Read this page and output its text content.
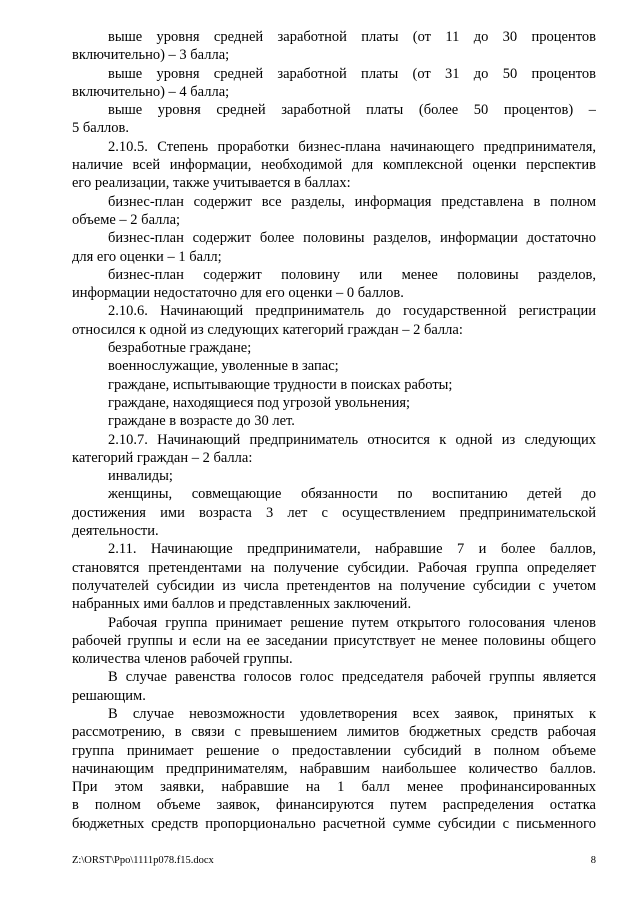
выше уровня средней заработной платы (от 11 до 30 процентов
включительно) – 3 балла;
выше уровня средней заработной платы (от 31 до 50 процентов
включительно) – 4 балла;
выше уровня средней заработной платы (более 50 процентов) –
5 баллов.
2.10.5. Степень проработки бизнес-плана начинающего предпринимателя,
наличие всей информации, необходимой для комплексной оценки перспектив
его реализации, также учитывается в баллах:
бизнес-план содержит все разделы, информация представлена в полном
объеме – 2 балла;
бизнес-план содержит более половины разделов, информации достаточно
для его оценки – 1 балл;
бизнес-план содержит половину или менее половины разделов,
информации недостаточно для его оценки – 0 баллов.
2.10.6. Начинающий предприниматель до государственной регистрации
относился к одной из следующих категорий граждан – 2 балла:
безработные граждане;
военнослужащие, уволенные в запас;
граждане, испытывающие трудности в поисках работы;
граждане, находящиеся под угрозой увольнения;
граждане в возрасте до 30 лет.
2.10.7. Начинающий предприниматель относится к одной из следующих
категорий граждан – 2 балла:
инвалиды;
женщины, совмещающие обязанности по воспитанию детей до
достижения ими возраста 3 лет с осуществлением предпринимательской
деятельности.
2.11. Начинающие предприниматели, набравшие 7 и более баллов,
становятся претендентами на получение субсидии. Рабочая группа определяет
получателей субсидии из числа претендентов на получение субсидии с учетом
набранных ими баллов и представленных заключений.
Рабочая группа принимает решение путем открытого голосования членов
рабочей группы и если на ее заседании присутствует не менее половины общего
количества членов рабочей группы.
В случае равенства голосов голос председателя рабочей группы является
решающим.
В случае невозможности удовлетворения всех заявок, принятых к
рассмотрению, в связи с превышением лимитов бюджетных средств рабочая
группа принимает решение о предоставлении субсидий в полном объеме
начинающим предпринимателям, набравшим наибольшее количество баллов.
При этом заявки, набравшие на 1 балл менее профинансированных
в полном объеме заявок, финансируются путем распределения остатка
бюджетных средств пропорционально расчетной сумме субсидии с письменного
Z:\ORST\Ppo\1111p078.f15.docx	8
